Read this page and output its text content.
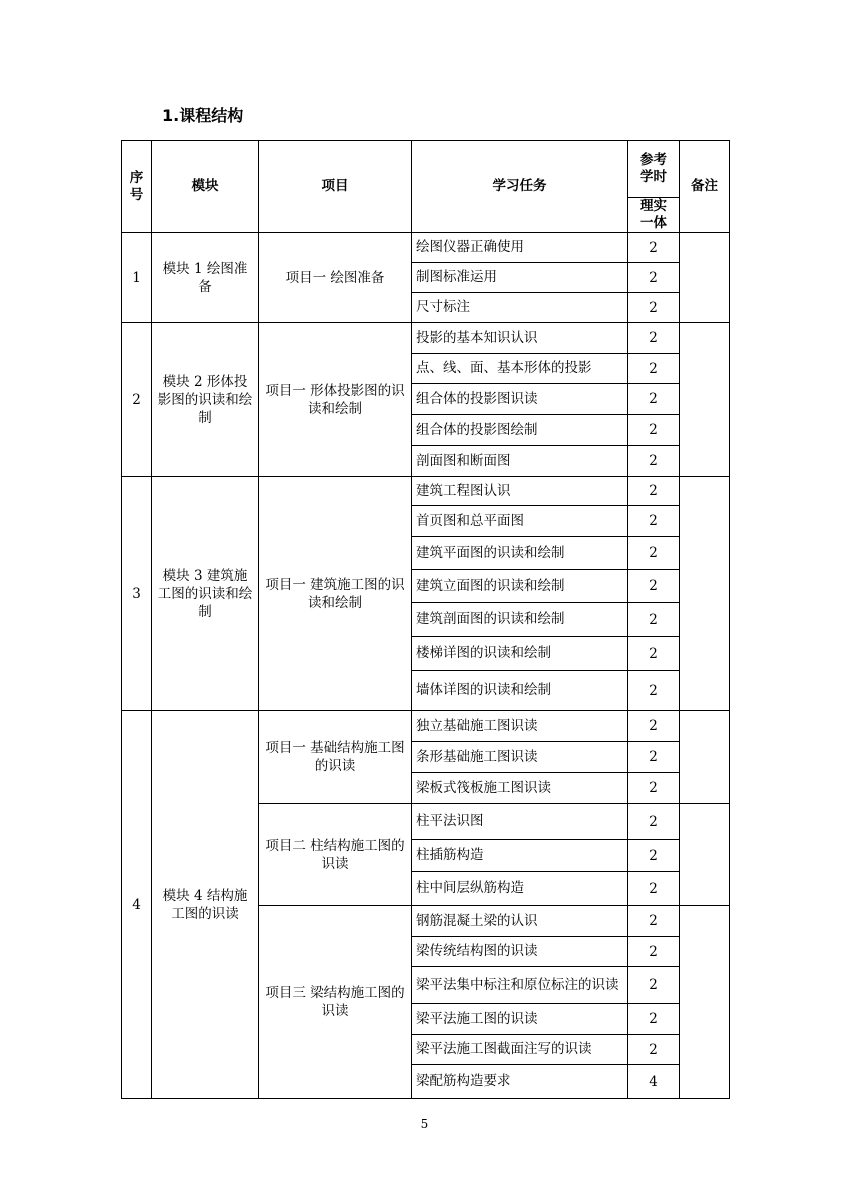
1.课程结构
序号	模块	项目	学习任务	参考学时	备注
				理实一体	
1	模块 1 绘图准备	项目一 绘图准备	绘图仪器正确使用	2	
			制图标准运用	2	
			尺寸标注	2	
2	模块 2 形体投影图的识读和绘制	项目一 形体投影图的识读和绘制	投影的基本知识认识	2	
			点、线、面、基本形体的投影	2	
			组合体的投影图识读	2	
			组合体的投影图绘制	2	
			剖面图和断面图	2	
3	模块 3 建筑施工图的识读和绘制	项目一 建筑施工图的识读和绘制	建筑工程图认识	2	
			首页图和总平面图	2	
			建筑平面图的识读和绘制	2	
			建筑立面图的识读和绘制	2	
			建筑剖面图的识读和绘制	2	
			楼梯详图的识读和绘制	2	
			墙体详图的识读和绘制	2	
4	模块 4 结构施工图的识读	项目一 基础结构施工图的识读	独立基础施工图识读	2	
			条形基础施工图识读	2	
			梁板式筏板施工图识读	2	
		项目二 柱结构施工图的识读	柱平法识图	2	
			柱插筋构造	2	
			柱中间层纵筋构造	2	
		项目三 梁结构施工图的识读	钢筋混凝土梁的认识	2	
			梁传统结构图的识读	2	
			梁平法集中标注和原位标注的识读	2	
			梁平法施工图的识读	2	
			梁平法施工图截面注写的识读	2	
			梁配筋构造要求	4	
5
